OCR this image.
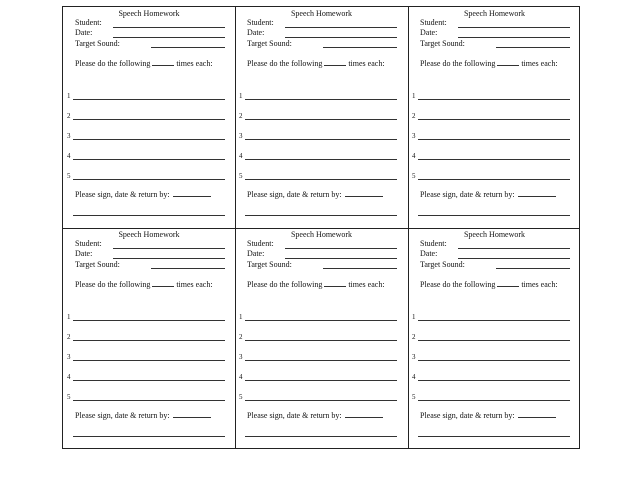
Speech Homework
Student:
Date:
Target Sound:
Please do the following	times each:
1
2
3
4
5
Please sign, date & return by:
Speech Homework
Student:
Date:
Target Sound:
Please do the following	times each:
1
2
3
4
5
Please sign, date & return by:
Speech Homework
Student:
Date:
Target Sound:
Please do the following	times each:
1
2
3
4
5
Please sign, date & return by:
Speech Homework
Student:
Date:
Target Sound:
Please do the following	times each:
1
2
3
4
5
Please sign, date & return by:
Speech Homework
Student:
Date:
Target Sound:
Please do the following	times each:
1
2
3
4
5
Please sign, date & return by:
Speech Homework
Student:
Date:
Target Sound:
Please do the following	times each:
1
2
3
4
5
Please sign, date & return by:
